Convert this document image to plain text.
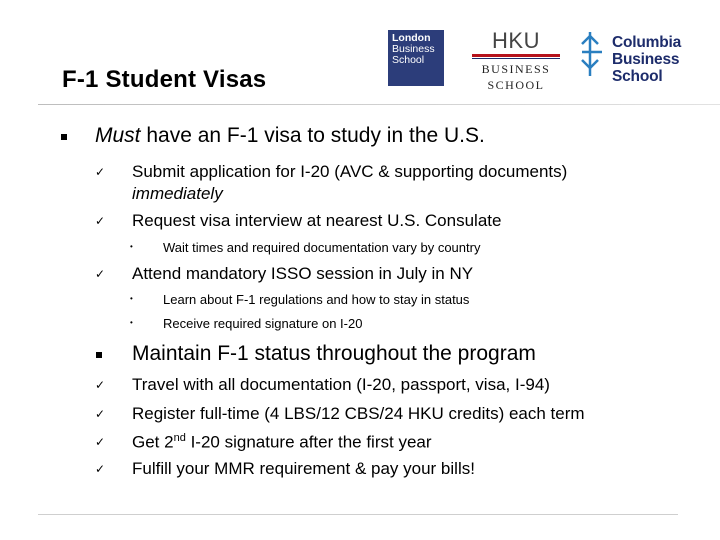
London
Business
School
HKU
BUSINESS
SCHOOL
Columbia
Business
School
F-1 Student Visas
Must have an F-1 visa to study in the U.S.
✓ Submit application for I-20 (AVC & supporting documents)
immediately
✓ Request visa interview at nearest U.S. Consulate
• Wait times and required documentation vary by country
✓ Attend mandatory ISSO session in July in NY
• Learn about F-1 regulations and how to stay in status
• Receive required signature on I-20
Maintain F-1 status throughout the program
✓ Travel with all documentation (I-20, passport, visa, I-94)
✓ Register full-time (4 LBS/12 CBS/24 HKU credits) each term
✓ Get 2nd I-20 signature after the first year
✓ Fulfill your MMR requirement & pay your bills!
